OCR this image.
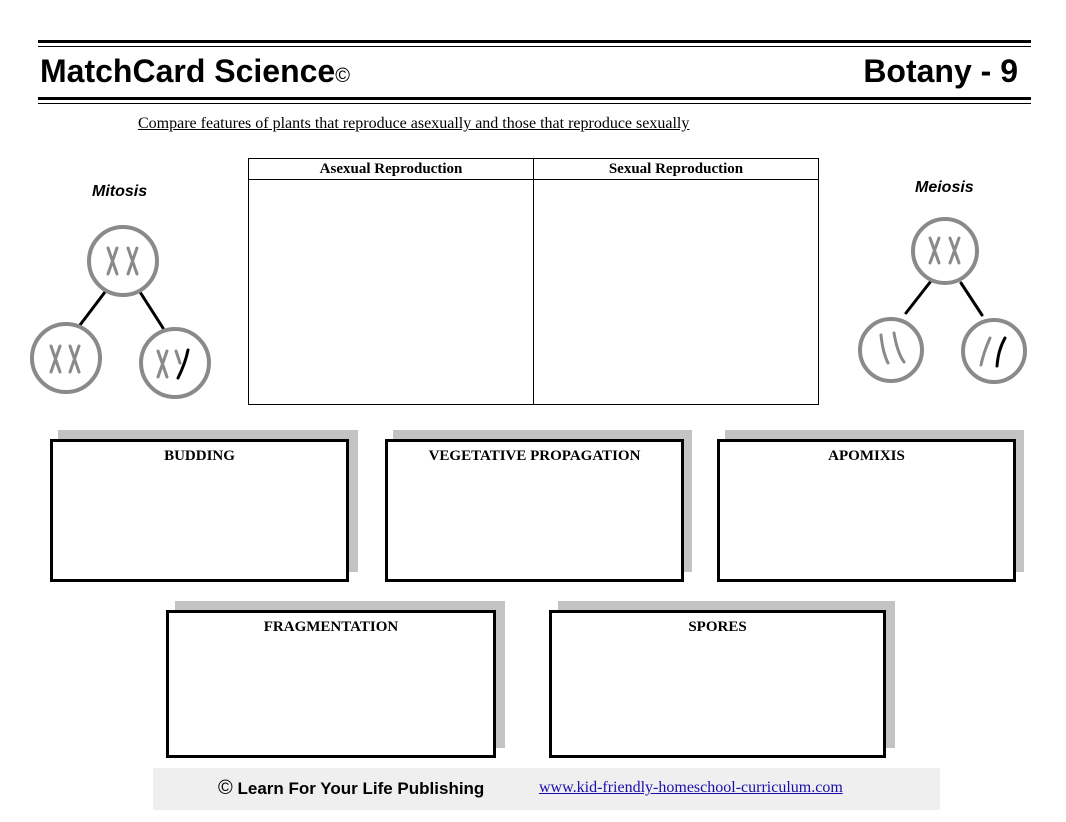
MatchCard Science©	Botany - 9
Compare features of plants that reproduce asexually and those that reproduce sexually
Mitosis	Meiosis
Asexual Reproduction	Sexual Reproduction
BUDDING	VEGETATIVE PROPAGATION	APOMIXIS
FRAGMENTATION	SPORES
© Learn For Your Life Publishing	www.kid-friendly-homeschool-curriculum.com
